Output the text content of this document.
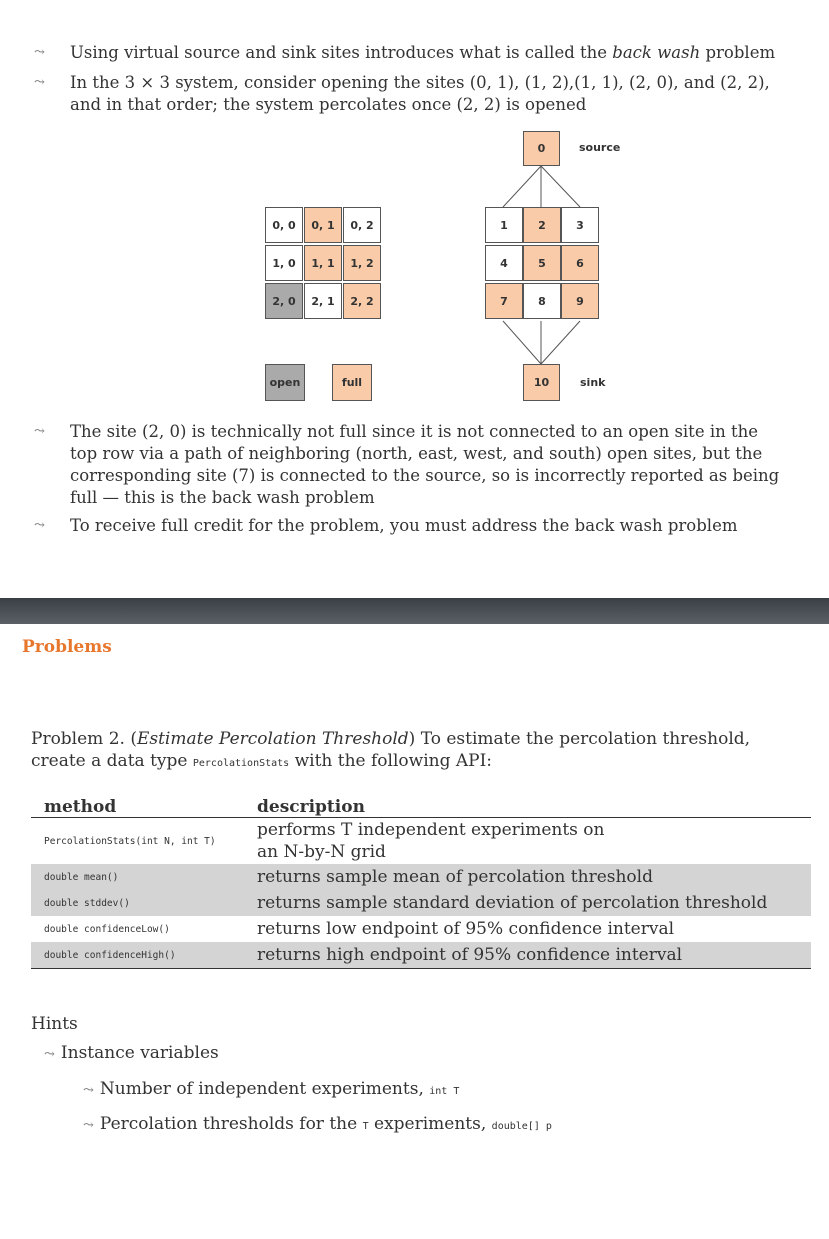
⤳ Using virtual source and sink sites introduces what is called the back wash problem
⤳ In the 3 × 3 system, consider opening the sites (0, 1), (1, 2),(1, 1), (2, 0), and (2, 2),
and in that order; the system percolates once (2, 2) is opened
0, 0	0, 1	0, 2
1, 0	1, 1	1, 2
2, 0	2, 1	2, 2
0
1	2	3
4	5	6
7	8	9
10
source
sink
open	full
⤳ The site (2, 0) is technically not full since it is not connected to an open site in the
top row via a path of neighboring (north, east, west, and south) open sites, but the
corresponding site (7) is connected to the source, so is incorrectly reported as being
full — this is the back wash problem
⤳ To receive full credit for the problem, you must address the back wash problem
Problems
Problem 2. (Estimate Percolation Threshold) To estimate the percolation threshold,
create a data type PercolationStats with the following API:
method	description
PercolationStats(int N, int T)	performs T independent experiments on
an N-by-N grid

double mean()	returns sample mean of percolation threshold
double stddev()	returns sample standard deviation of percolation threshold
double confidenceLow()	returns low endpoint of 95% confidence interval
double confidenceHigh()	returns high endpoint of 95% confidence interval
Hints
⤳ Instance variables
⤳ Number of independent experiments, int T
⤳ Percolation thresholds for the T experiments, double[] p
